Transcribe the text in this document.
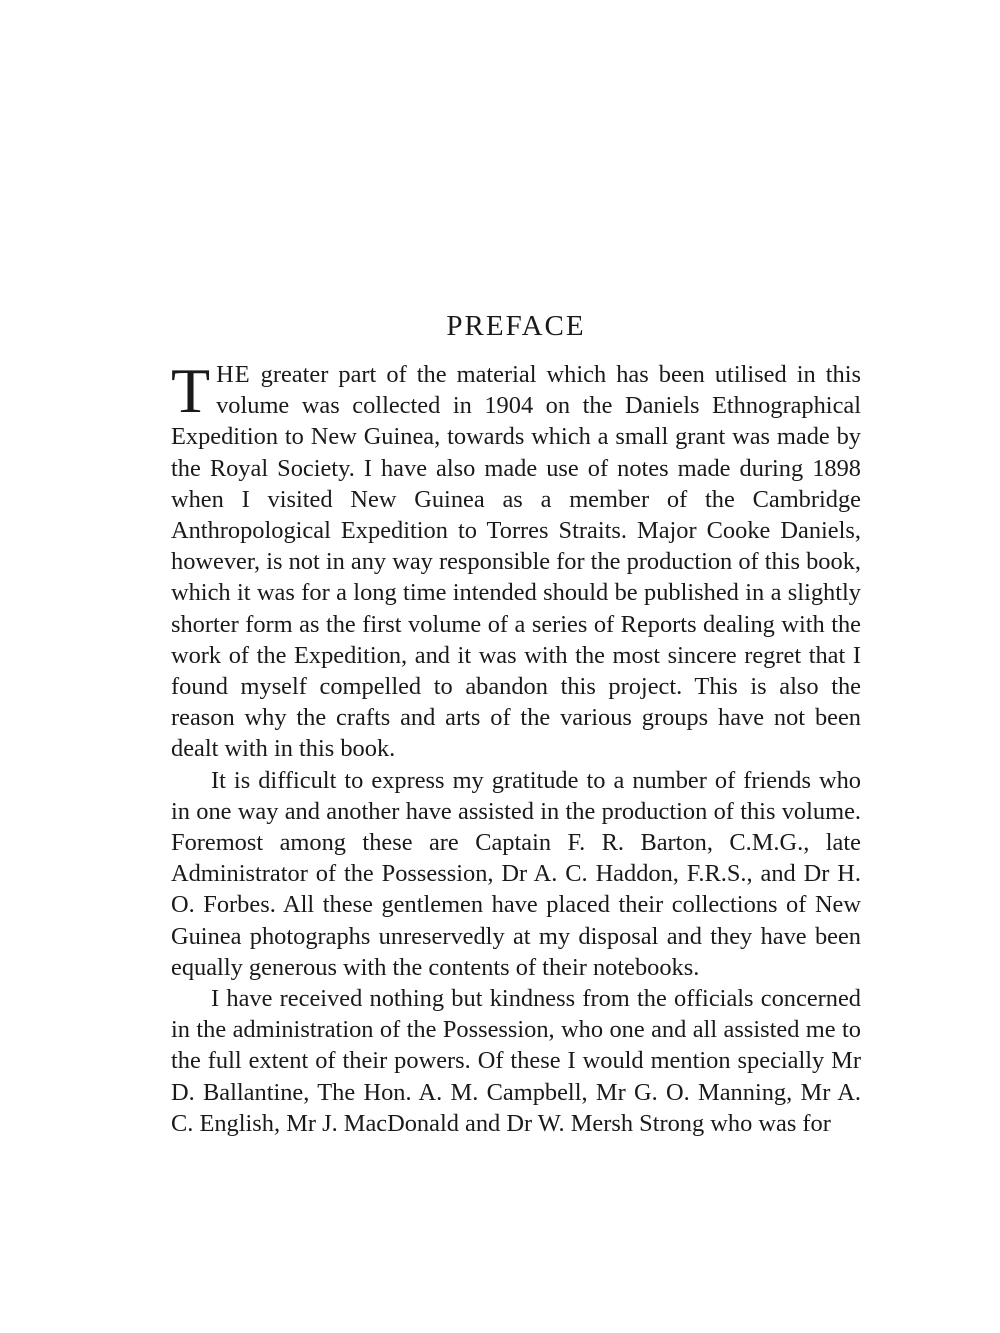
PREFACE

THE greater part of the material which has been utilised in this volume was collected in 1904 on the Daniels Ethnographical Expedition to New Guinea, towards which a small grant was made by the Royal Society. I have also made use of notes made during 1898 when I visited New Guinea as a member of the Cambridge Anthropological Expedition to Torres Straits. Major Cooke Daniels, however, is not in any way responsible for the production of this book, which it was for a long time intended should be published in a slightly shorter form as the first volume of a series of Reports dealing with the work of the Expedition, and it was with the most sincere regret that I found myself compelled to abandon this project. This is also the reason why the crafts and arts of the various groups have not been dealt with in this book.

It is difficult to express my gratitude to a number of friends who in one way and another have assisted in the production of this volume. Foremost among these are Captain F. R. Barton, C.M.G., late Administrator of the Possession, Dr A. C. Haddon, F.R.S., and Dr H. O. Forbes. All these gentlemen have placed their collections of New Guinea photographs unreservedly at my disposal and they have been equally generous with the contents of their notebooks.

I have received nothing but kindness from the officials concerned in the administration of the Possession, who one and all assisted me to the full extent of their powers. Of these I would mention specially Mr D. Ballantine, The Hon. A. M. Campbell, Mr G. O. Manning, Mr A. C. English, Mr J. MacDonald and Dr W. Mersh Strong who was for
